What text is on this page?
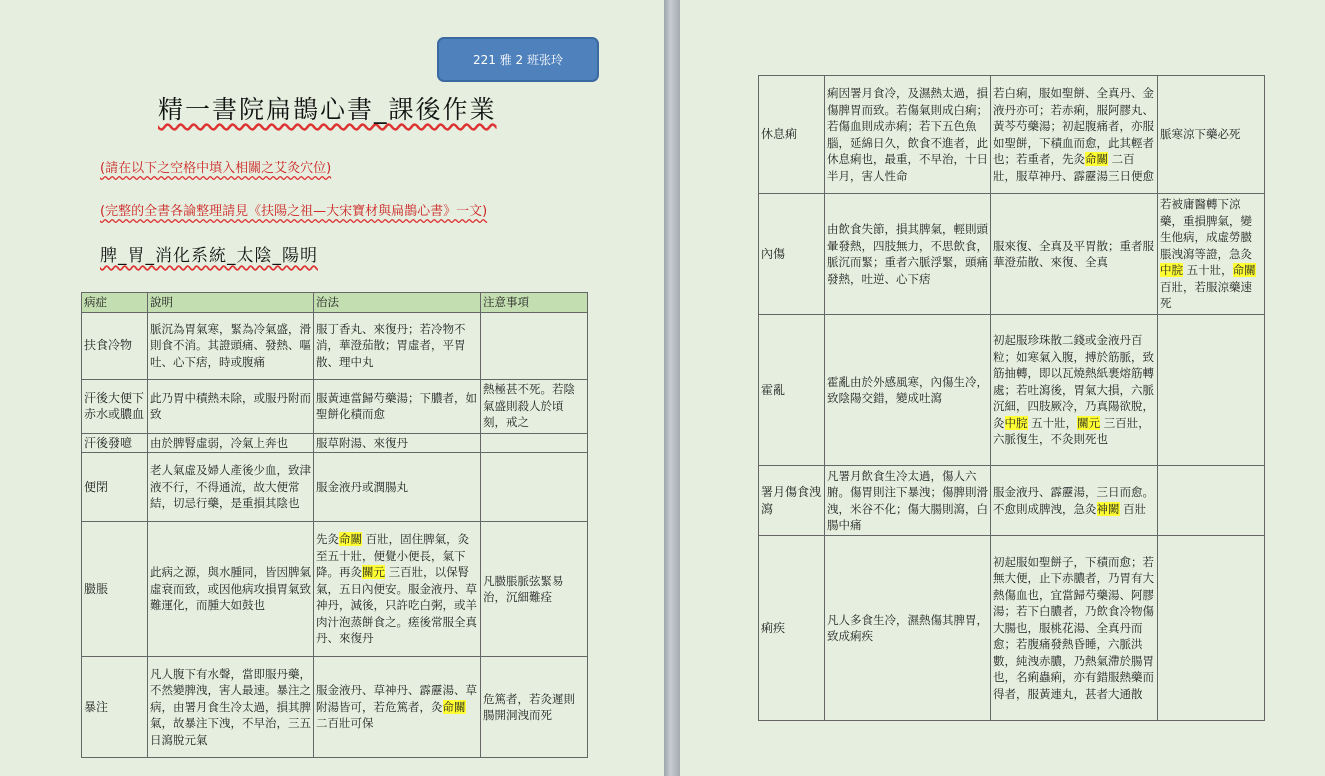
221 雅 2 班张玲
精一書院扁鵲心書_課後作業
(請在以下之空格中填入相關之艾灸穴位)
(完整的全書各論整理請見《扶陽之祖—大宋寶材與扁鵲心書》一文)
脾_胃_消化系統_太陰_陽明
病症	說明	治法	注意事項
扶食冷物	脈沉為胃氣寒，緊為冷氣盛，滑則食不消。其證頭痛、發熱、嘔吐、心下痞，時或腹痛	服丁香丸、來復丹；若冷物不消，華澄茄散；胃虛者，平胃散、理中丸	
汗後大便下赤水或膿血	此乃胃中積熱未除，或服丹附而致	服黃連當歸芍藥湯；下膿者，如聖餅化積而愈	熱極甚不死。若陰氣盛則殺人於頃刻，戒之
汗後發噫	由於脾腎虛弱，冷氣上奔也	服草附湯、來復丹	
便閉	老人氣虛及婦人產後少血，致津液不行，不得通流，故大便常結，切忌行藥，是重損其陰也	服金液丹或潤腸丸	
臌脹	此病之源，與水腫同，皆因脾氣虛衰而致，或因他病攻損胃氣致難運化，而腫大如鼓也	先灸命關 百壯，固住脾氣，灸至五十壯，便覺小便長，氣下降。再灸關元 三百壯，以保腎氣，五日內便安。服金液丹、草神丹，減後，只許吃白粥，或羊肉汁泡蒸餅食之。瘥後常服全真丹、來復丹	凡臌脹脈弦緊易治，沉細難痊
暴注	凡人腹下有水聲，當即服丹藥，不然變脾洩，害人最速。暴注之病，由署月食生冷太過，損其脾氣，故暴注下洩，不早治，三五日瀉脫元氣	服金液丹、草神丹、霹靂湯、草附湯皆可，若危篤者，灸命關 二百壯可保	危篤者，若灸遲則腸開洞洩而死
休息痢	痢因署月食冷，及濕熱太過，損傷脾胃而致。若傷氣則成白痢；若傷血則成赤痢；若下五色魚腦，延綿日久，飲食不進者，此休息痢也，最重，不早治，十日半月，害人性命	若白痢，服如聖餅、全真丹、金液丹亦可；若赤痢，服阿膠丸、黃芩芍藥湯；初起腹痛者，亦服如聖餅，下積血而愈，此其輕者也；若重者，先灸命關 二百壯，服草神丹、霹靂湯三日便愈	脈寒涼下藥必死
內傷	由飲食失節，損其脾氣，輕則頭暈發熱，四肢無力，不思飲食，脈沉而緊；重者六脈浮緊，頭痛發熱，吐逆、心下痞	服來復、全真及平胃散；重者服華澄茄散、來復、全真	若被庸醫轉下涼藥，重損脾氣，變生他病，成虛勞臌脹洩瀉等證，急灸中脘 五十壯，命關 百壯，若服涼藥速死
霍亂	霍亂由於外感風寒，內傷生冷，致陰陽交錯，變成吐瀉	初起服珍珠散二錢或金液丹百粒；如寒氣入腹，搏於筋脈，致筋抽轉，即以瓦燒熱紙裹熔筋轉處；若吐瀉後，胃氣大損，六脈沉細，四肢厥冷，乃真陽欲脫，灸中脘 五十壯，關元 三百壯，六脈復生，不灸則死也	
署月傷食洩瀉	凡署月飲食生冷太過，傷人六腑。傷胃則注下暴洩；傷脾則滑洩，米谷不化；傷大腸則瀉，白腸中痛	服金液丹、霹靂湯，三日而愈。不愈則成脾洩，急灸神闕 百壯	
痢疾	凡人多食生冷，濕熱傷其脾胃，致成痢疾	初起服如聖餅子，下積而愈；若無大便，止下赤膿者，乃胃有大熱傷血也，宜當歸芍藥湯、阿膠湯；若下白膿者，乃飲食冷物傷大腸也，服桃花湯、全真丹而愈；若腹痛發熱昏睡，六脈洪數，純洩赤膿，乃熱氣滯於腸胃也，名痢蟲痢，亦有錯服熱藥而得者，服黃連丸，甚者大通散	
